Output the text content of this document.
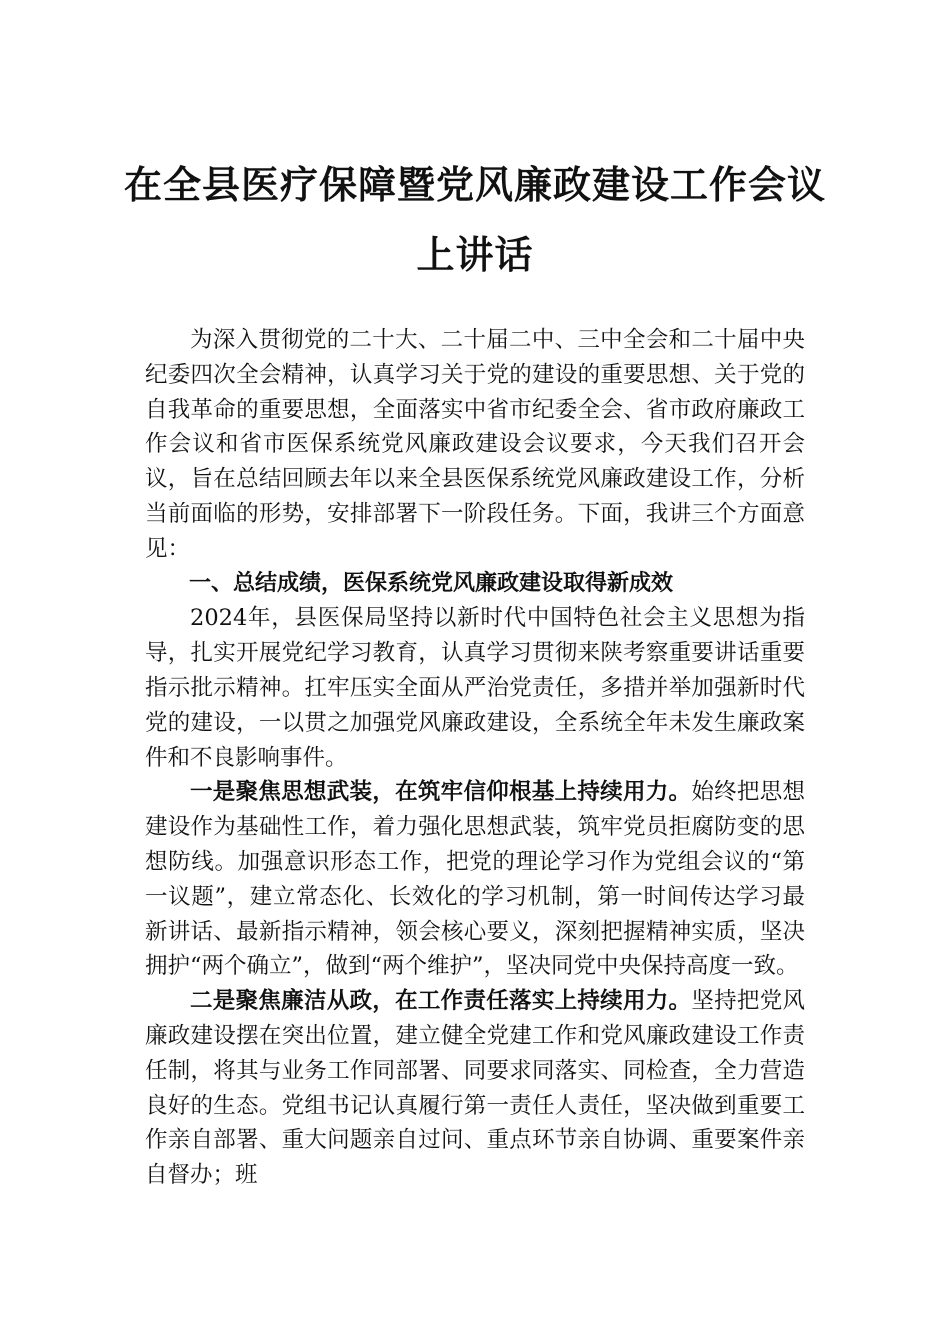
在全县医疗保障暨党风廉政建设工作会议
上讲话

为深入贯彻党的二十大、二十届二中、三中全会和二十届中央纪委四次全会精神，认真学习关于党的建设的重要思想、关于党的自我革命的重要思想，全面落实中省市纪委全会、省市政府廉政工作会议和省市医保系统党风廉政建设会议要求，今天我们召开会议，旨在总结回顾去年以来全县医保系统党风廉政建设工作，分析当前面临的形势，安排部署下一阶段任务。下面，我讲三个方面意见：

一、总结成绩，医保系统党风廉政建设取得新成效

2024年，县医保局坚持以新时代中国特色社会主义思想为指导，扎实开展党纪学习教育，认真学习贯彻来陕考察重要讲话重要指示批示精神。扛牢压实全面从严治党责任，多措并举加强新时代党的建设，一以贯之加强党风廉政建设，全系统全年未发生廉政案件和不良影响事件。

一是聚焦思想武装，在筑牢信仰根基上持续用力。始终把思想建设作为基础性工作，着力强化思想武装，筑牢党员拒腐防变的思想防线。加强意识形态工作，把党的理论学习作为党组会议的“第一议题”，建立常态化、长效化的学习机制，第一时间传达学习最新讲话、最新指示精神，领会核心要义，深刻把握精神实质，坚决拥护“两个确立”，做到“两个维护”，坚决同党中央保持高度一致。

二是聚焦廉洁从政，在工作责任落实上持续用力。坚持把党风廉政建设摆在突出位置，建立健全党建工作和党风廉政建设工作责任制，将其与业务工作同部署、同要求同落实、同检查，全力营造良好的生态。党组书记认真履行第一责任人责任，坚决做到重要工作亲自部署、重大问题亲自过问、重点环节亲自协调、重要案件亲自督办；班
